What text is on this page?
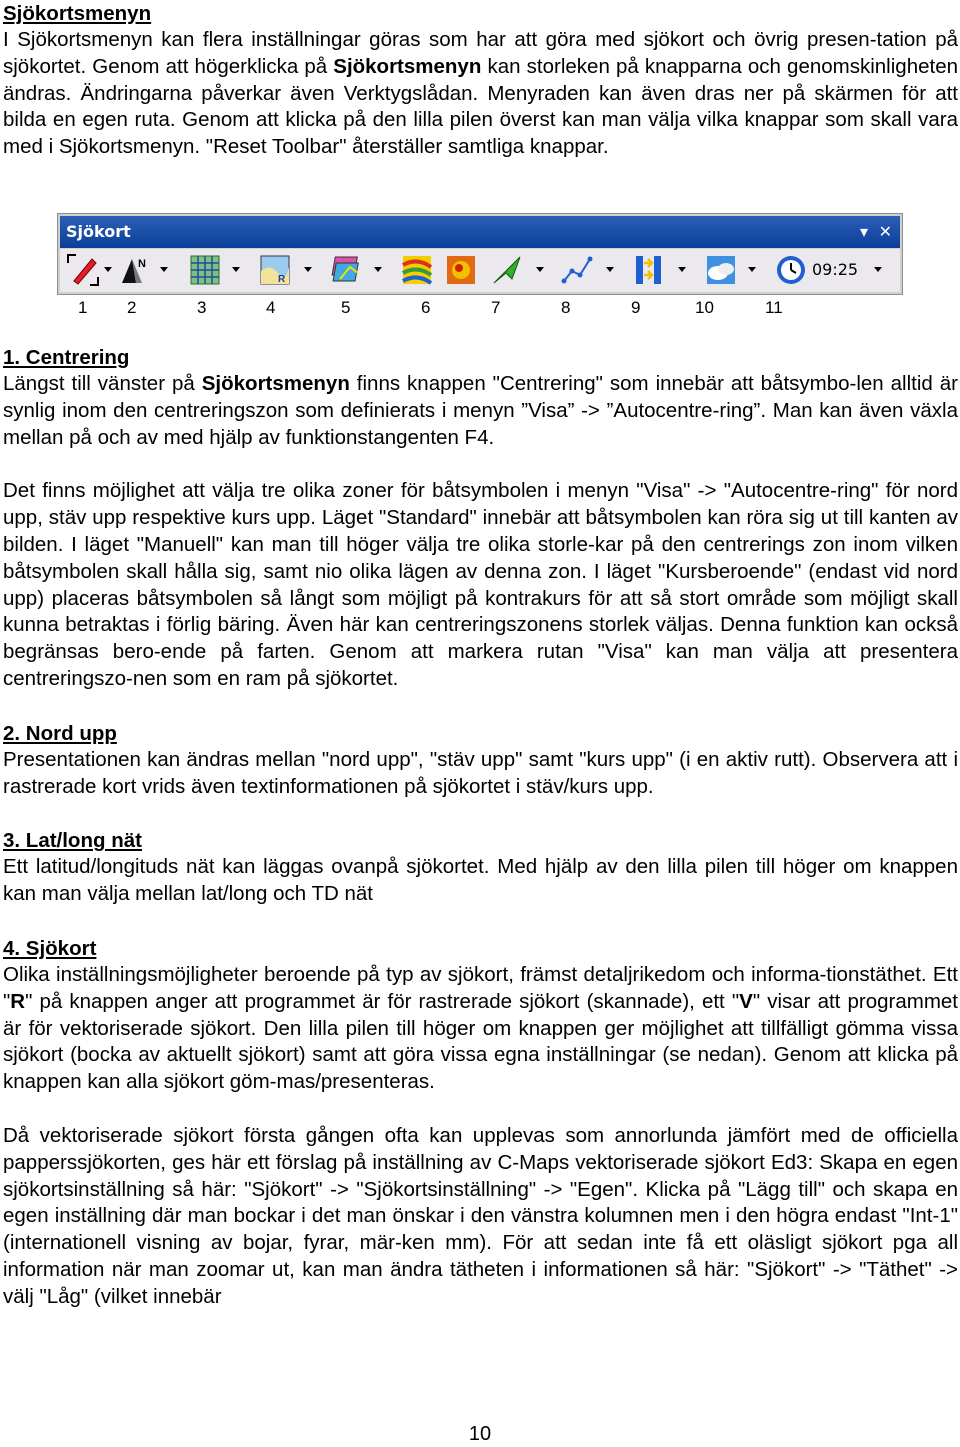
Sjökortsmenyn

I Sjökortsmenyn kan flera inställningar göras som har att göra med sjökort och övrig presen-tation på sjökortet. Genom att högerklicka på Sjökortsmenyn kan storleken på knapparna och genomskinligheten ändras. Ändringarna påverkar även Verktygslådan. Menyraden kan även dras ner på skärmen för att bilda en egen ruta. Genom att klicka på den lilla pilen överst kan man välja vilka knappar som skall vara med i Sjökortsmenyn. "Reset Toolbar" återställer samtliga knappar.

1. Centrering

Längst till vänster på Sjökortsmenyn finns knappen "Centrering" som innebär att båtsymbo-len alltid är synlig inom den centreringszon som definierats i menyn ”Visa” -> ”Autocentre-ring”. Man kan även växla mellan på och av med hjälp av funktionstangenten F4.

Det finns möjlighet att välja tre olika zoner för båtsymbolen i menyn "Visa" -> "Autocentre-ring" för nord upp, stäv upp respektive kurs upp. Läget "Standard" innebär att båtsymbolen kan röra sig ut till kanten av bilden. I läget "Manuell" kan man till höger välja tre olika storle-kar på den centrerings zon inom vilken båtsymbolen skall hålla sig, samt nio olika lägen av denna zon. I läget "Kursberoende" (endast vid nord upp) placeras båtsymbolen så långt som möjligt på kontrakurs för att så stort område som möjligt skall kunna betraktas i förlig bäring. Även här kan centreringszonens storlek väljas. Denna funktion kan också begränsas bero-ende på farten. Genom att markera rutan "Visa" kan man välja att presentera centreringszo-nen som en ram på sjökortet.

2. Nord upp

Presentationen kan ändras mellan "nord upp", "stäv upp" samt "kurs upp" (i en aktiv rutt). Observera att i rastrerade kort vrids även textinformationen på sjökortet i stäv/kurs upp.

3. Lat/long nät

Ett latitud/longituds nät kan läggas ovanpå sjökortet. Med hjälp av den lilla pilen till höger om knappen kan man välja mellan lat/long och TD nät

4. Sjökort

Olika inställningsmöjligheter beroende på typ av sjökort, främst detaljrikedom och informa-tionstäthet. Ett "R" på knappen anger att programmet är för rastrerade sjökort (skannade), ett "V" visar att programmet är för vektoriserade sjökort. Den lilla pilen till höger om knappen ger möjlighet att tillfälligt gömma vissa sjökort (bocka av aktuellt sjökort) samt att göra vissa egna inställningar (se nedan). Genom att klicka på knappen kan alla sjökort göm-mas/presenteras.

Då vektoriserade sjökort första gången ofta kan upplevas som annorlunda jämfört med de officiella papperssjökorten, ges här ett förslag på inställning av C-Maps vektoriserade sjökort Ed3: Skapa en egen sjökortsinställning så här: "Sjökort" -> "Sjökortsinställning" -> "Egen". Klicka på "Lägg till" och skapa en egen inställning där man bockar i det man önskar i den vänstra kolumnen men i den högra endast "Int-1" (internationell visning av bojar, fyrar, mär-ken mm). För att sedan inte få ett oläsligt sjökort pga all information när man zoomar ut, kan man ändra tätheten i informationen så här: "Sjökort" -> "Täthet" -> välj "Låg" (vilket innebär

Sjökort	▾ ✕
N
R
09:25
1 2	3	4	5	6	7	8	9	10	11
10
